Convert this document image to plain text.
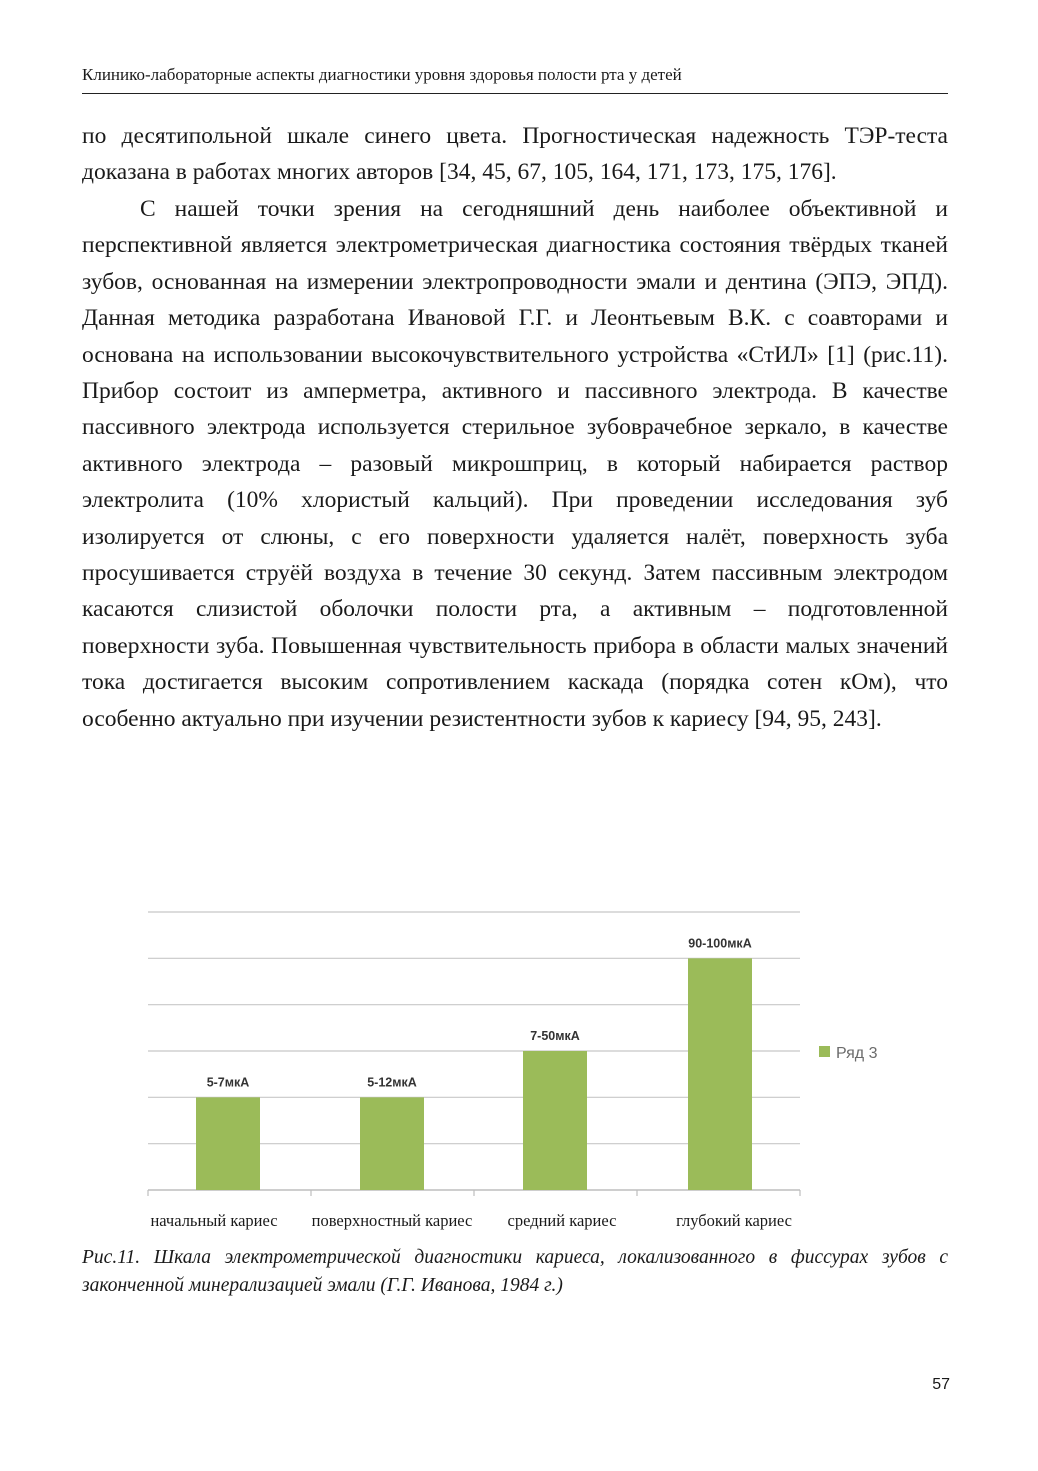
Клинико-лабораторные аспекты диагностики уровня здоровья полости рта у детей

по десятипольной шкале синего цвета. Прогностическая надежность ТЭР-теста доказана в работах многих авторов [34, 45, 67, 105, 164, 171, 173, 175, 176].

С нашей точки зрения на сегодняшний день наиболее объективной и перспективной является электрометрическая диагностика состояния твёрдых тканей зубов, основанная на измерении электропроводности эмали и дентина (ЭПЭ, ЭПД). Данная методика разработана Ивановой Г.Г. и Леонтьевым В.К. с соавторами и основана на использовании высокочувствительного устройства «СтИЛ» [1] (рис.11). Прибор состоит из амперметра, активного и пассивного электрода. В качестве пассивного электрода используется стерильное зубоврачебное зеркало, в качестве активного электрода – разовый микрошприц, в который набирается раствор электролита (10% хлористый кальций). При проведении исследования зуб изолируется от слюны, с его поверхности удаляется налёт, поверхность зуба просушивается струёй воздуха в течение 30 секунд. Затем пассивным электродом касаются слизистой оболочки полости рта, а активным – подготовленной поверхности зуба. Повышенная чувствительность прибора в области малых значений тока достигается высоким сопротивлением каскада (порядка сотен кОм), что особенно актуально при изучении резистентности зубов к кариесу [94, 95, 243].

5-7мкА
начальный кариес
5-12мкА
поверхностный кариес
7-50мкА
средний кариес
90-100мкА
глубокий кариес
Ряд 3

Рис.11. Шкала электрометрической диагностики кариеса, локализованного в фиссурах зубов с законченной минерализацией эмали (Г.Г. Иванова, 1984 г.)

57
